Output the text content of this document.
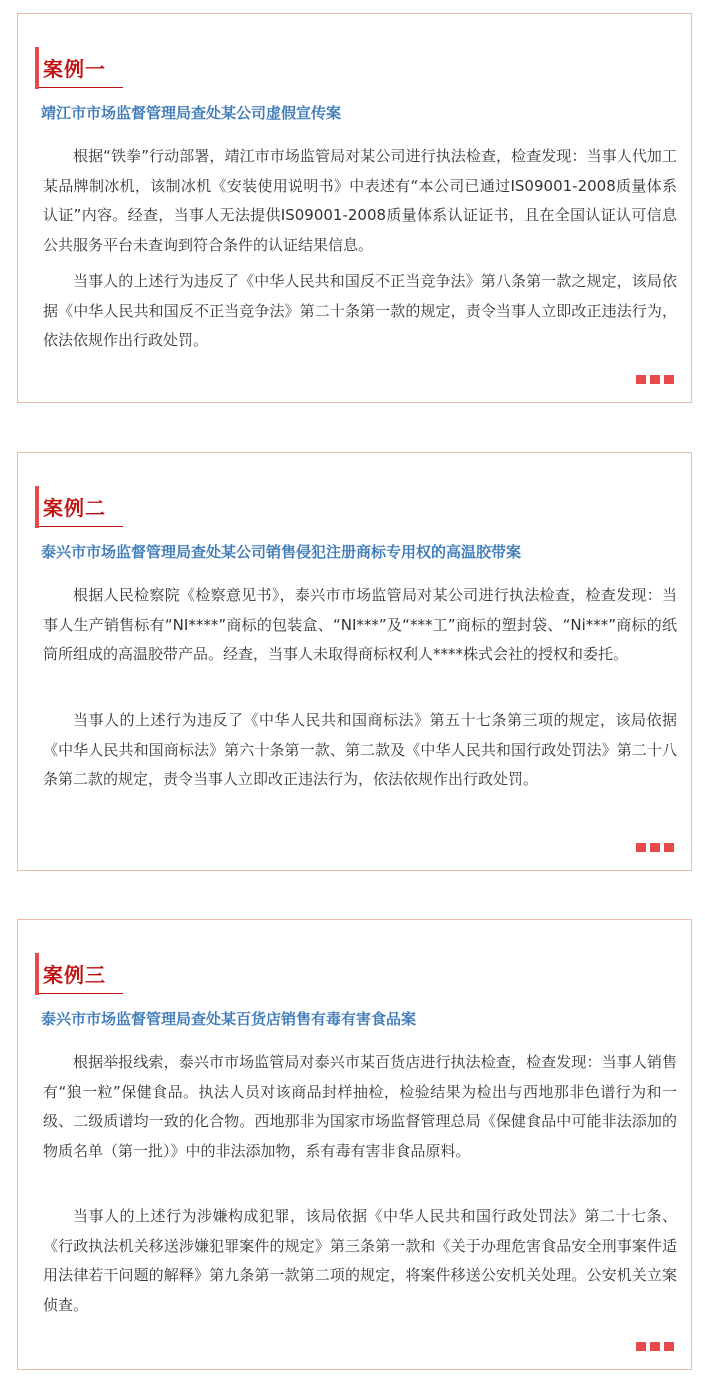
案例一
靖江市市场监督管理局查处某公司虚假宣传案

根据“铁拳”行动部署，靖江市市场监管局对某公司进行执法检查，检查发现：当事人代加工某品牌制冰机，该制冰机《安装使用说明书》中表述有“本公司已通过IS09001-2008质量体系认证”内容。经查，当事人无法提供IS09001-2008质量体系认证证书，且在全国认证认可信息公共服务平台未查询到符合条件的认证结果信息。

当事人的上述行为违反了《中华人民共和国反不正当竞争法》第八条第一款之规定，该局依据《中华人民共和国反不正当竞争法》第二十条第一款的规定，责令当事人立即改正违法行为，依法依规作出行政处罚。

案例二
泰兴市市场监督管理局查处某公司销售侵犯注册商标专用权的高温胶带案

根据人民检察院《检察意见书》，泰兴市市场监管局对某公司进行执法检查，检查发现：当事人生产销售标有“NI****”商标的包装盒、“NI***”及“***工”商标的塑封袋、“Ni***”商标的纸筒所组成的高温胶带产品。经查，当事人未取得商标权利人****株式会社的授权和委托。

当事人的上述行为违反了《中华人民共和国商标法》第五十七条第三项的规定，该局依据《中华人民共和国商标法》第六十条第一款、第二款及《中华人民共和国行政处罚法》第二十八条第二款的规定，责令当事人立即改正违法行为，依法依规作出行政处罚。

案例三
泰兴市市场监督管理局查处某百货店销售有毒有害食品案

根据举报线索，泰兴市市场监管局对泰兴市某百货店进行执法检查，检查发现：当事人销售有“狼一粒”保健食品。执法人员对该商品封样抽检，检验结果为检出与西地那非色谱行为和一级、二级质谱均一致的化合物。西地那非为国家市场监督管理总局《保健食品中可能非法添加的物质名单（第一批）》中的非法添加物，系有毒有害非食品原料。

当事人的上述行为涉嫌构成犯罪，该局依据《中华人民共和国行政处罚法》第二十七条、《行政执法机关移送涉嫌犯罪案件的规定》第三条第一款和《关于办理危害食品安全刑事案件适用法律若干问题的解释》第九条第一款第二项的规定，将案件移送公安机关处理。公安机关立案侦查。
